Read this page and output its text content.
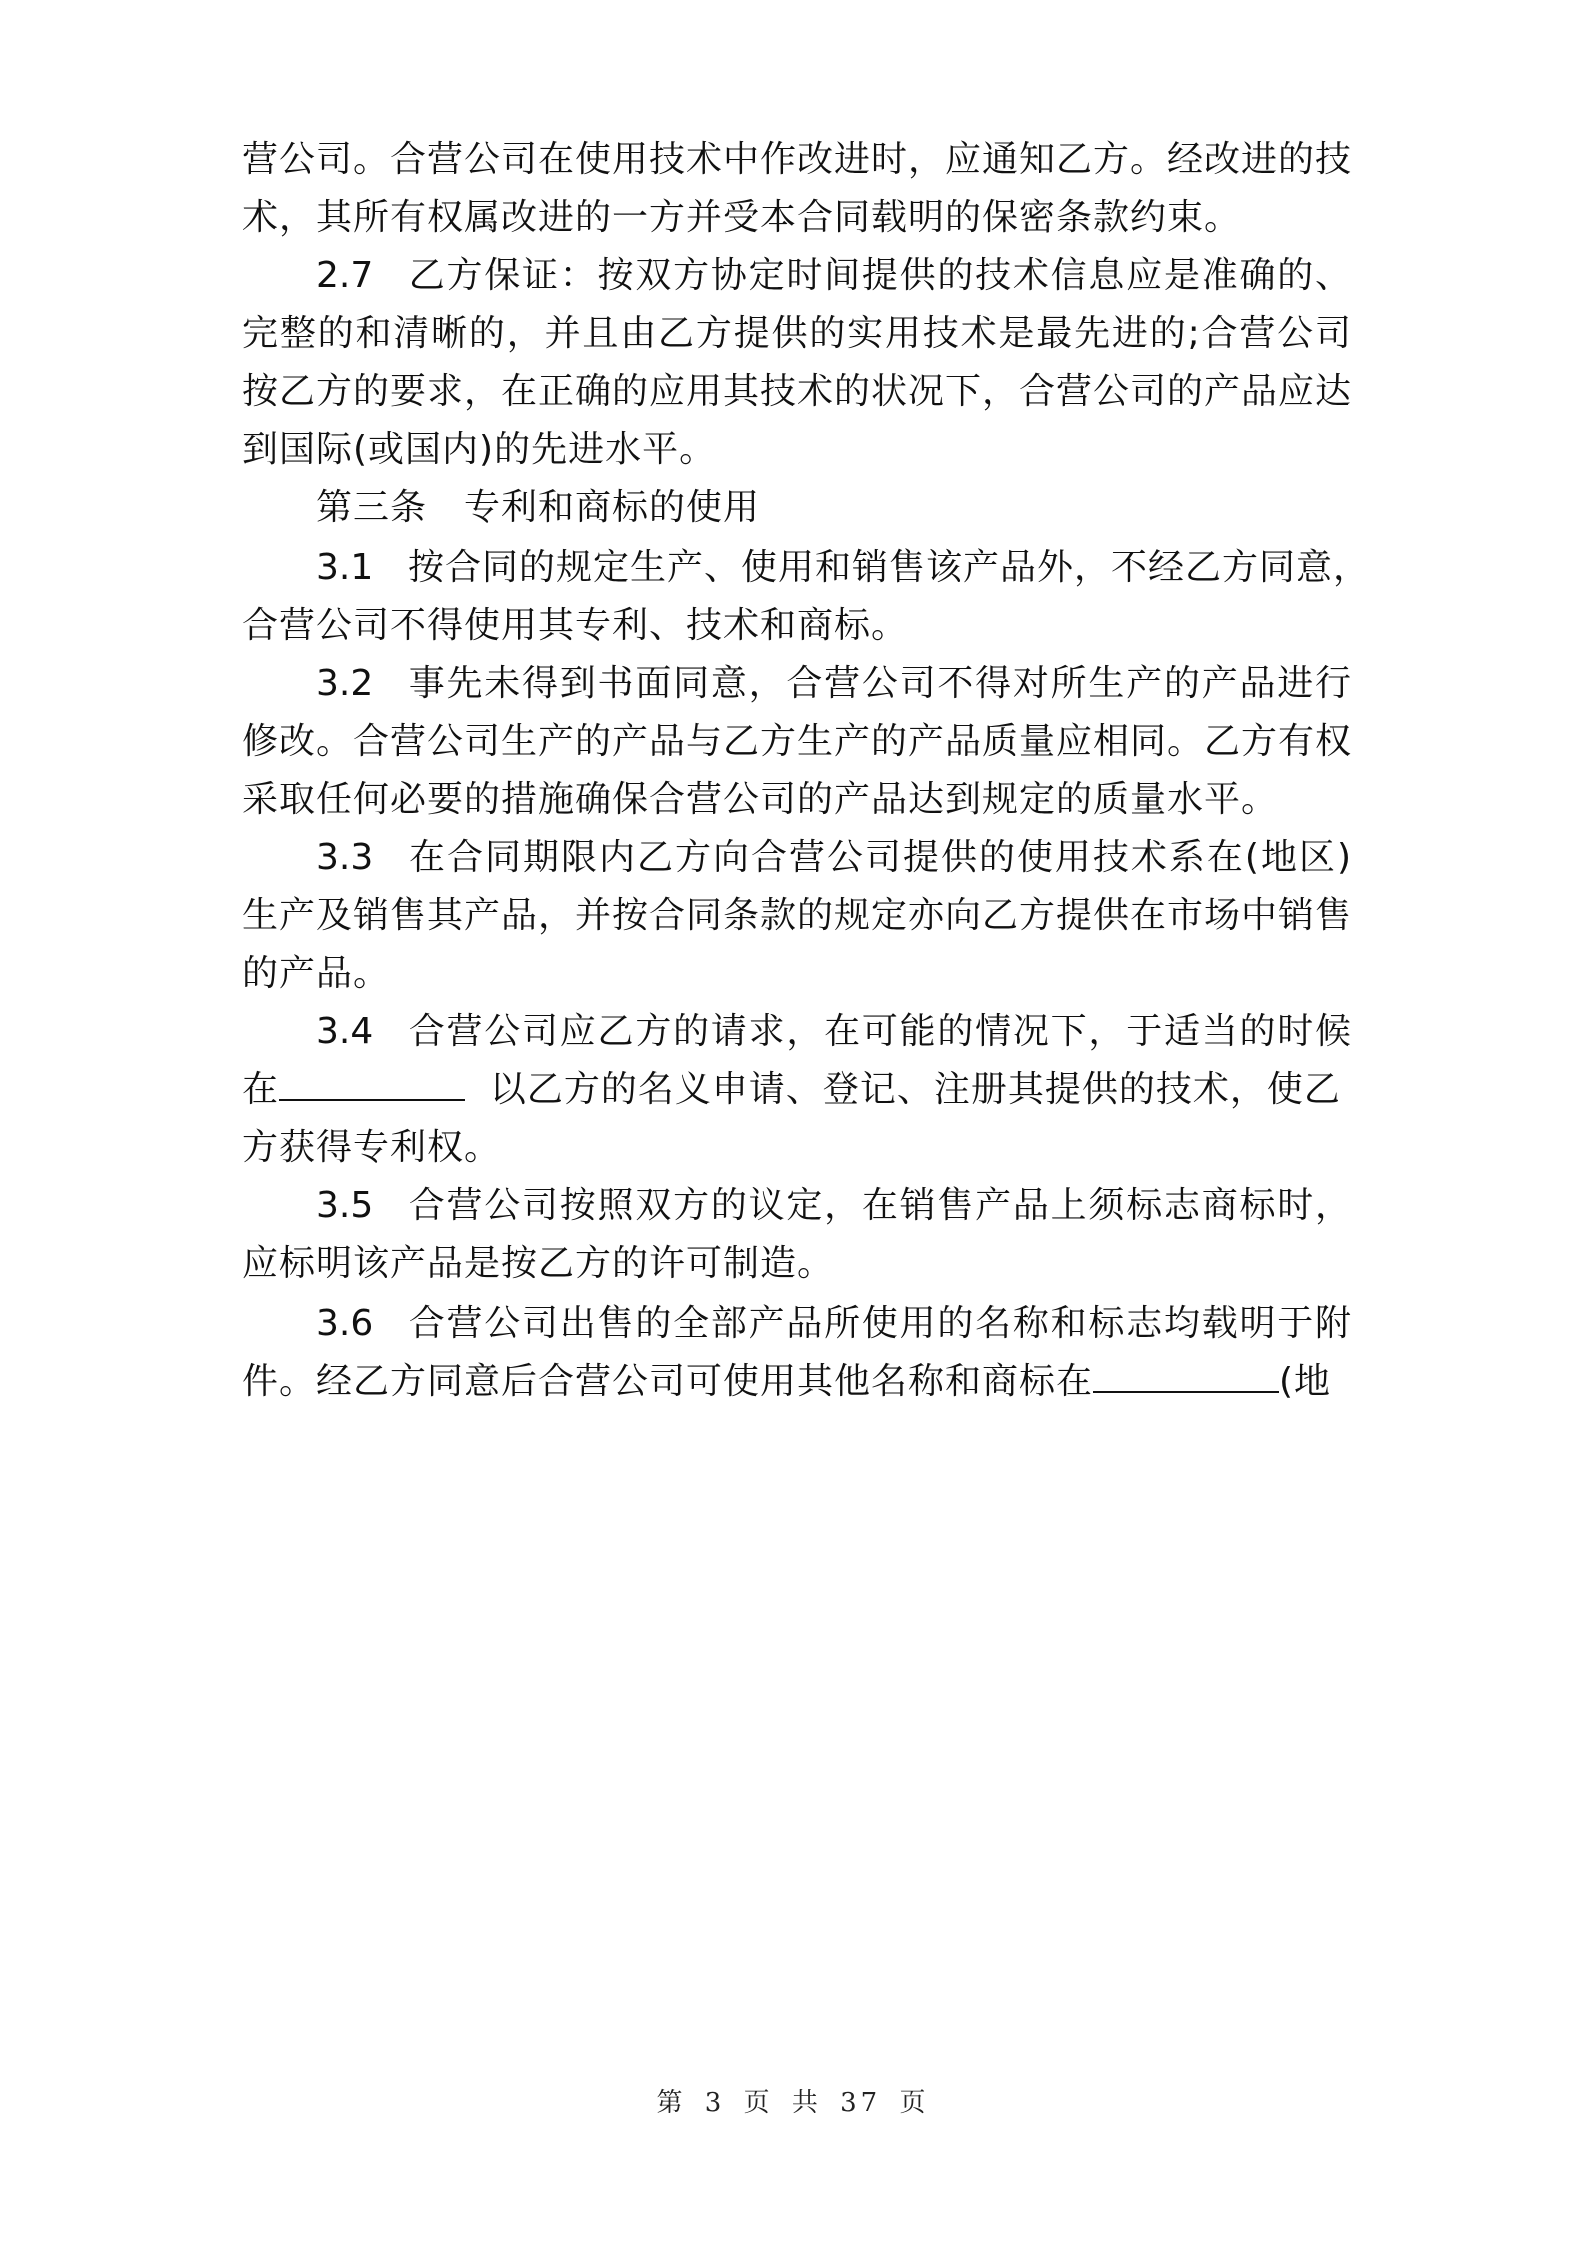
营公司。合营公司在使用技术中作改进时，应通知乙方。经改进的技
术，其所有权属改进的一方并受本合同载明的保密条款约束。
2.7 乙方保证：按双方协定时间提供的技术信息应是准确的、
完整的和清晰的，并且由乙方提供的实用技术是最先进的;合营公司
按乙方的要求，在正确的应用其技术的状况下，合营公司的产品应达
到国际(或国内)的先进水平。
第三条　专利和商标的使用
3.1 按合同的规定生产、使用和销售该产品外，不经乙方同意，
合营公司不得使用其专利、技术和商标。
3.2 事先未得到书面同意，合营公司不得对所生产的产品进行
修改。合营公司生产的产品与乙方生产的产品质量应相同。乙方有权
采取任何必要的措施确保合营公司的产品达到规定的质量水平。
3.3 在合同期限内乙方向合营公司提供的使用技术系在(地区)
生产及销售其产品，并按合同条款的规定亦向乙方提供在市场中销售
的产品。
3.4 合营公司应乙方的请求，在可能的情况下，于适当的时候
在	以乙方的名义申请、登记、注册其提供的技术，使乙
方获得专利权。
3.5 合营公司按照双方的议定，在销售产品上须标志商标时，
应标明该产品是按乙方的许可制造。
3.6 合营公司出售的全部产品所使用的名称和标志均载明于附
件。经乙方同意后合营公司可使用其他名称和商标在	(地
第 3 页 共 37 页
